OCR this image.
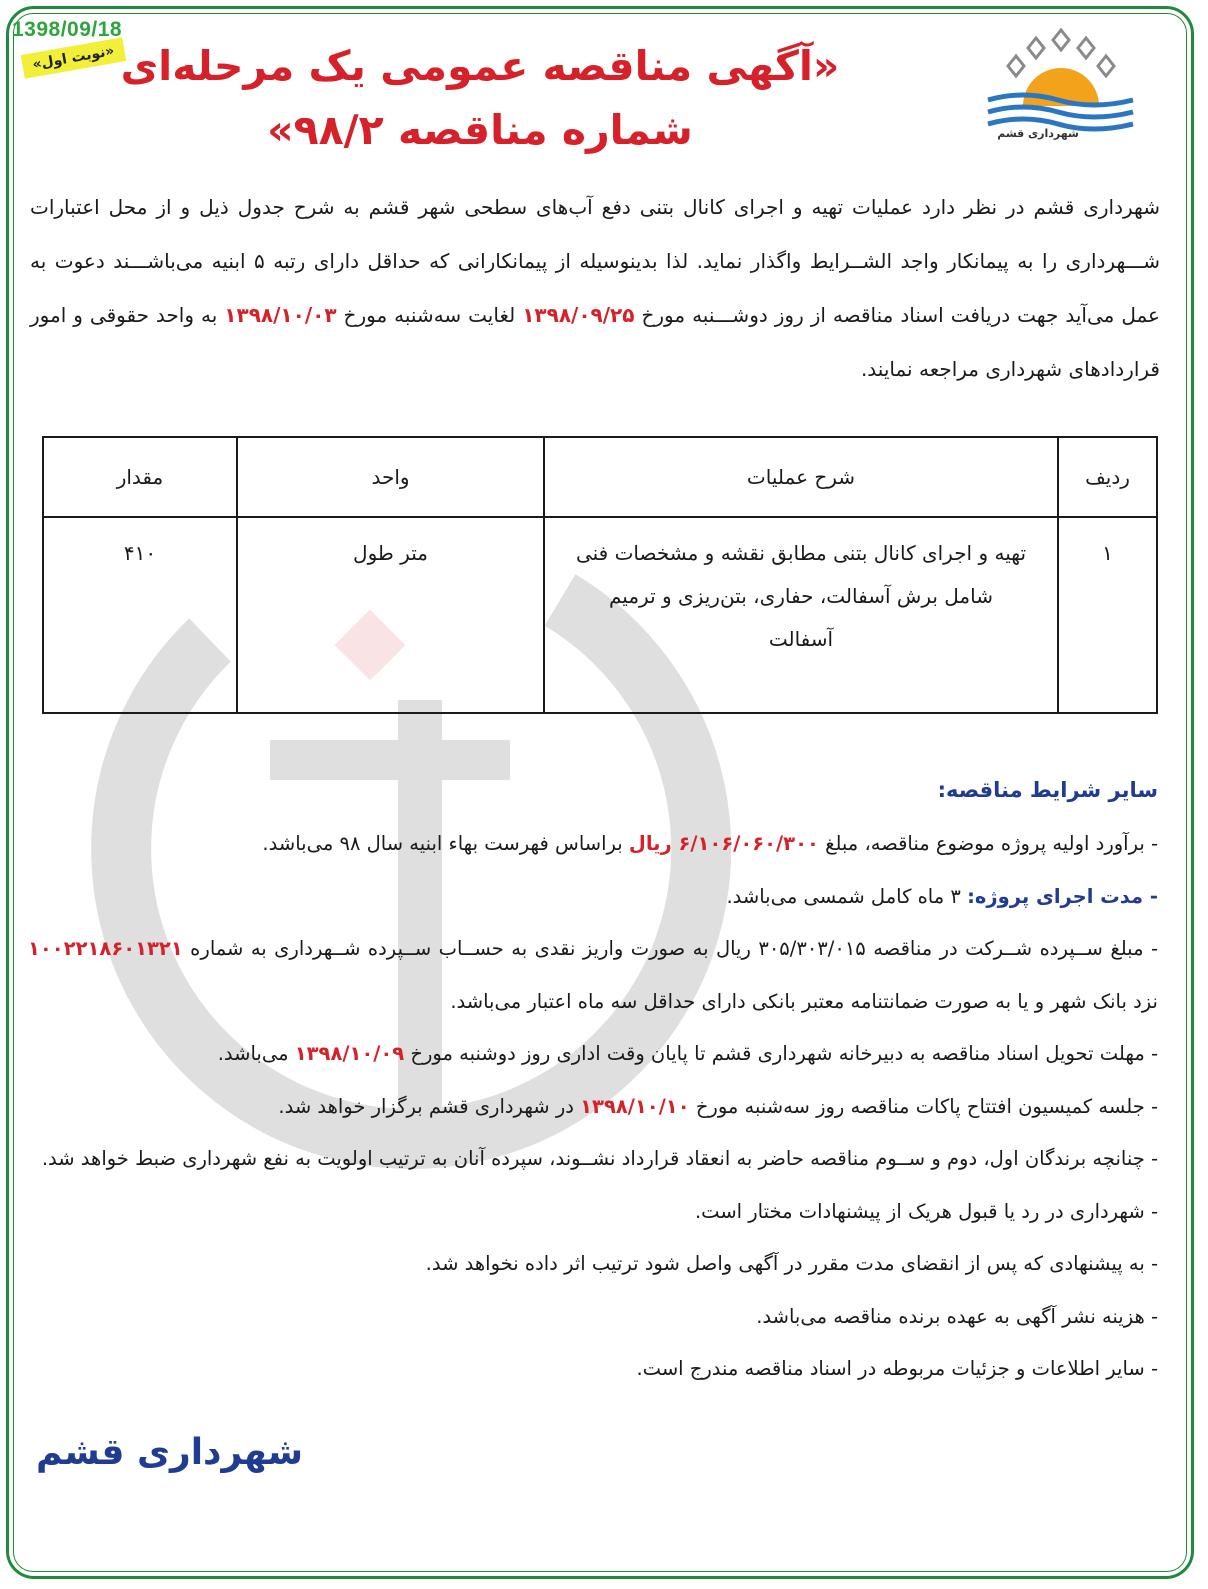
1398/09/18
«نوبت اول» «آگهی مناقصه عمومی یک مرحله‌ای
شماره مناقصه ۹۸/۲»	شهرداری قشم
شهرداری قشم در نظر دارد عملیات تهیه و اجرای کانال بتنی دفع آب‌های سطحی شهر قشم به شرح جدول ذیل و از محل اعتبارات شـــهرداری را به پیمانکار واجد الشــرایط واگذار نماید. لذا بدینوسیله از پیمانکارانی که حداقل دارای رتبه ۵ ابنیه می‌باشـــند دعوت به عمل می‌آید جهت دریافت اسناد مناقصه از روز دوشـــنبه مورخ ۱۳۹۸/۰۹/۲۵ لغایت سه‌شنبه مورخ ۱۳۹۸/۱۰/۰۳ به واحد حقوقی و امور قراردادهای شهرداری مراجعه نمایند.
ردیف	شرح عملیات	واحد	مقدار
۱	تهیه و اجرای کانال بتنی مطابق نقشه و مشخصات فنی شامل برش آسفالت، حفاری، بتن‌ریزی و ترمیم آسفالت	متر طول	۴۱۰
سایر شرایط مناقصه:

- برآورد اولیه پروژه موضوع مناقصه، مبلغ ۶/۱۰۶/۰۶۰/۳۰۰ ریال براساس فهرست بهاء ابنیه سال ۹۸ می‌باشد.

- مدت اجرای پروژه: ۳ ماه کامل شمسی می‌باشد.

- مبلغ ســپرده شــرکت در مناقصه ۳۰۵/۳۰۳/۰۱۵ ریال به صورت واریز نقدی به حســاب ســپرده شــهرداری به شماره ۱۰۰۲۲۱۸۶۰۱۳۲۱ نزد بانک شهر و یا به صورت ضمانتنامه معتبر بانکی دارای حداقل سه ماه اعتبار می‌باشد.

- مهلت تحویل اسناد مناقصه به دبیرخانه شهرداری قشم تا پایان وقت اداری روز دوشنبه مورخ ۱۳۹۸/۱۰/۰۹ می‌باشد.

- جلسه کمیسیون افتتاح پاکات مناقصه روز سه‌شنبه مورخ ۱۳۹۸/۱۰/۱۰ در شهرداری قشم برگزار خواهد شد.

- چنانچه برندگان اول، دوم و ســوم مناقصه حاضر به انعقاد قرارداد نشــوند، سپرده آنان به ترتیب اولویت به نفع شهرداری ضبط خواهد شد.

- شهرداری در رد یا قبول هریک از پیشنهادات مختار است.

- به پیشنهادی که پس از انقضای مدت مقرر در آگهی واصل شود ترتیب اثر داده نخواهد شد.

- هزینه نشر آگهی به عهده برنده مناقصه می‌باشد.

- سایر اطلاعات و جزئیات مربوطه در اسناد مناقصه مندرج است.

شهرداری قشم
